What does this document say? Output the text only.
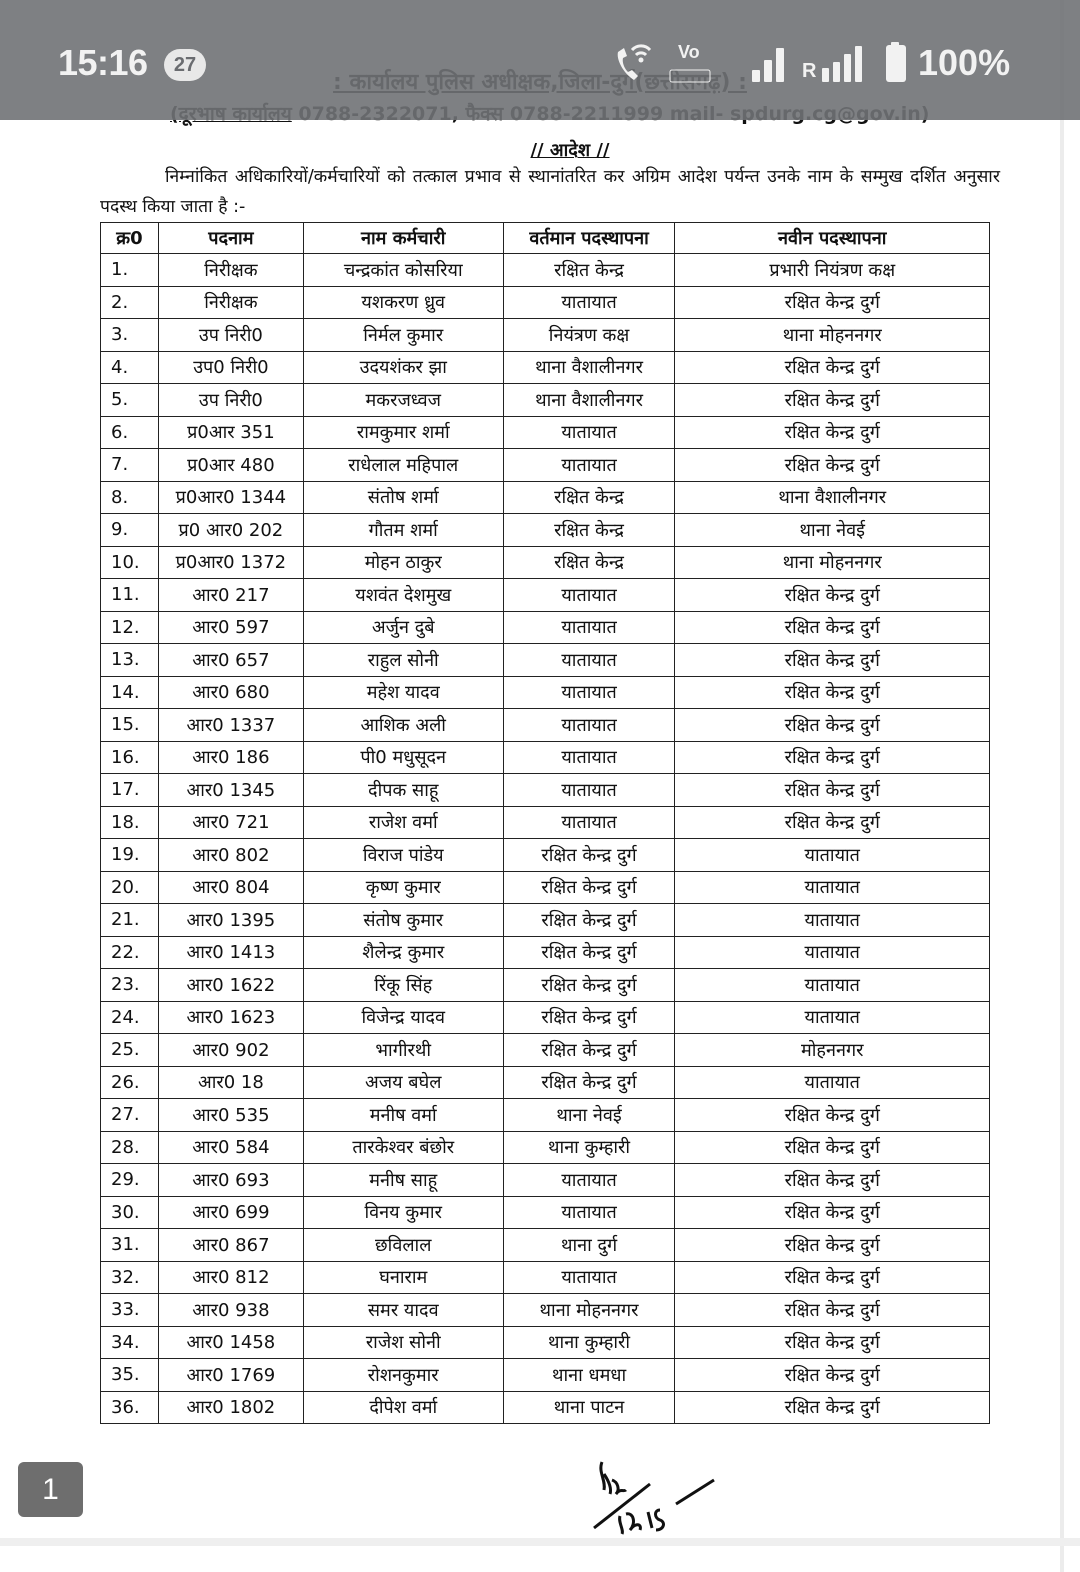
// आदेश //
निम्नांकित अधिकारियों/कर्मचारियों को तत्काल प्रभाव से स्थानांतरित कर अग्रिम आदेश पर्यन्त उनके नाम के सम्मुख दर्शित अनुसार पदस्थ किया जाता है :-
क्र0	पदनाम	नाम कर्मचारी	वर्तमान पदस्थापना	नवीन पदस्थापना
1.	निरीक्षक	चन्द्रकांत कोसरिया	रक्षित केन्द्र	प्रभारी नियंत्रण कक्ष
2.	निरीक्षक	यशकरण ध्रुव	यातायात	रक्षित केन्द्र दुर्ग
3.	उप निरी0	निर्मल कुमार	नियंत्रण कक्ष	थाना मोहननगर
4.	उप0 निरी0	उदयशंकर झा	थाना वैशालीनगर	रक्षित केन्द्र दुर्ग
5.	उप निरी0	मकरजध्वज	थाना वैशालीनगर	रक्षित केन्द्र दुर्ग
6.	प्र0आर 351	रामकुमार शर्मा	यातायात	रक्षित केन्द्र दुर्ग
7.	प्र0आर 480	राधेलाल महिपाल	यातायात	रक्षित केन्द्र दुर्ग
8.	प्र0आर0 1344	संतोष शर्मा	रक्षित केन्द्र	थाना वैशालीनगर
9.	प्र0 आर0 202	गौतम शर्मा	रक्षित केन्द्र	थाना नेवई
10.	प्र0आर0 1372	मोहन ठाकुर	रक्षित केन्द्र	थाना मोहननगर
11.	आर0 217	यशवंत देशमुख	यातायात	रक्षित केन्द्र दुर्ग
12.	आर0 597	अर्जुन दुबे	यातायात	रक्षित केन्द्र दुर्ग
13.	आर0 657	राहुल सोनी	यातायात	रक्षित केन्द्र दुर्ग
14.	आर0 680	महेश यादव	यातायात	रक्षित केन्द्र दुर्ग
15.	आर0 1337	आशिक अली	यातायात	रक्षित केन्द्र दुर्ग
16.	आर0 186	पी0 मधुसूदन	यातायात	रक्षित केन्द्र दुर्ग
17.	आर0 1345	दीपक साहू	यातायात	रक्षित केन्द्र दुर्ग
18.	आर0 721	राजेश वर्मा	यातायात	रक्षित केन्द्र दुर्ग
19.	आर0 802	विराज पांडेय	रक्षित केन्द्र दुर्ग	यातायात
20.	आर0 804	कृष्ण कुमार	रक्षित केन्द्र दुर्ग	यातायात
21.	आर0 1395	संतोष कुमार	रक्षित केन्द्र दुर्ग	यातायात
22.	आर0 1413	शैलेन्द्र कुमार	रक्षित केन्द्र दुर्ग	यातायात
23.	आर0 1622	रिंकू सिंह	रक्षित केन्द्र दुर्ग	यातायात
24.	आर0 1623	विजेन्द्र यादव	रक्षित केन्द्र दुर्ग	यातायात
25.	आर0 902	भागीरथी	रक्षित केन्द्र दुर्ग	मोहननगर
26.	आर0 18	अजय बघेल	रक्षित केन्द्र दुर्ग	यातायात
27.	आर0 535	मनीष वर्मा	थाना नेवई	रक्षित केन्द्र दुर्ग
28.	आर0 584	तारकेश्वर बंछोर	थाना कुम्हारी	रक्षित केन्द्र दुर्ग
29.	आर0 693	मनीष साहू	यातायात	रक्षित केन्द्र दुर्ग
30.	आर0 699	विनय कुमार	यातायात	रक्षित केन्द्र दुर्ग
31.	आर0 867	छविलाल	थाना दुर्ग	रक्षित केन्द्र दुर्ग
32.	आर0 812	घनाराम	यातायात	रक्षित केन्द्र दुर्ग
33.	आर0 938	समर यादव	थाना मोहननगर	रक्षित केन्द्र दुर्ग
34.	आर0 1458	राजेश सोनी	थाना कुम्हारी	रक्षित केन्द्र दुर्ग
35.	आर0 1769	रोशनकुमार	थाना धमधा	रक्षित केन्द्र दुर्ग
36.	आर0 1802	दीपेश वर्मा	थाना पाटन	रक्षित केन्द्र दुर्ग
1
15:16	27
Vo
R	100%
